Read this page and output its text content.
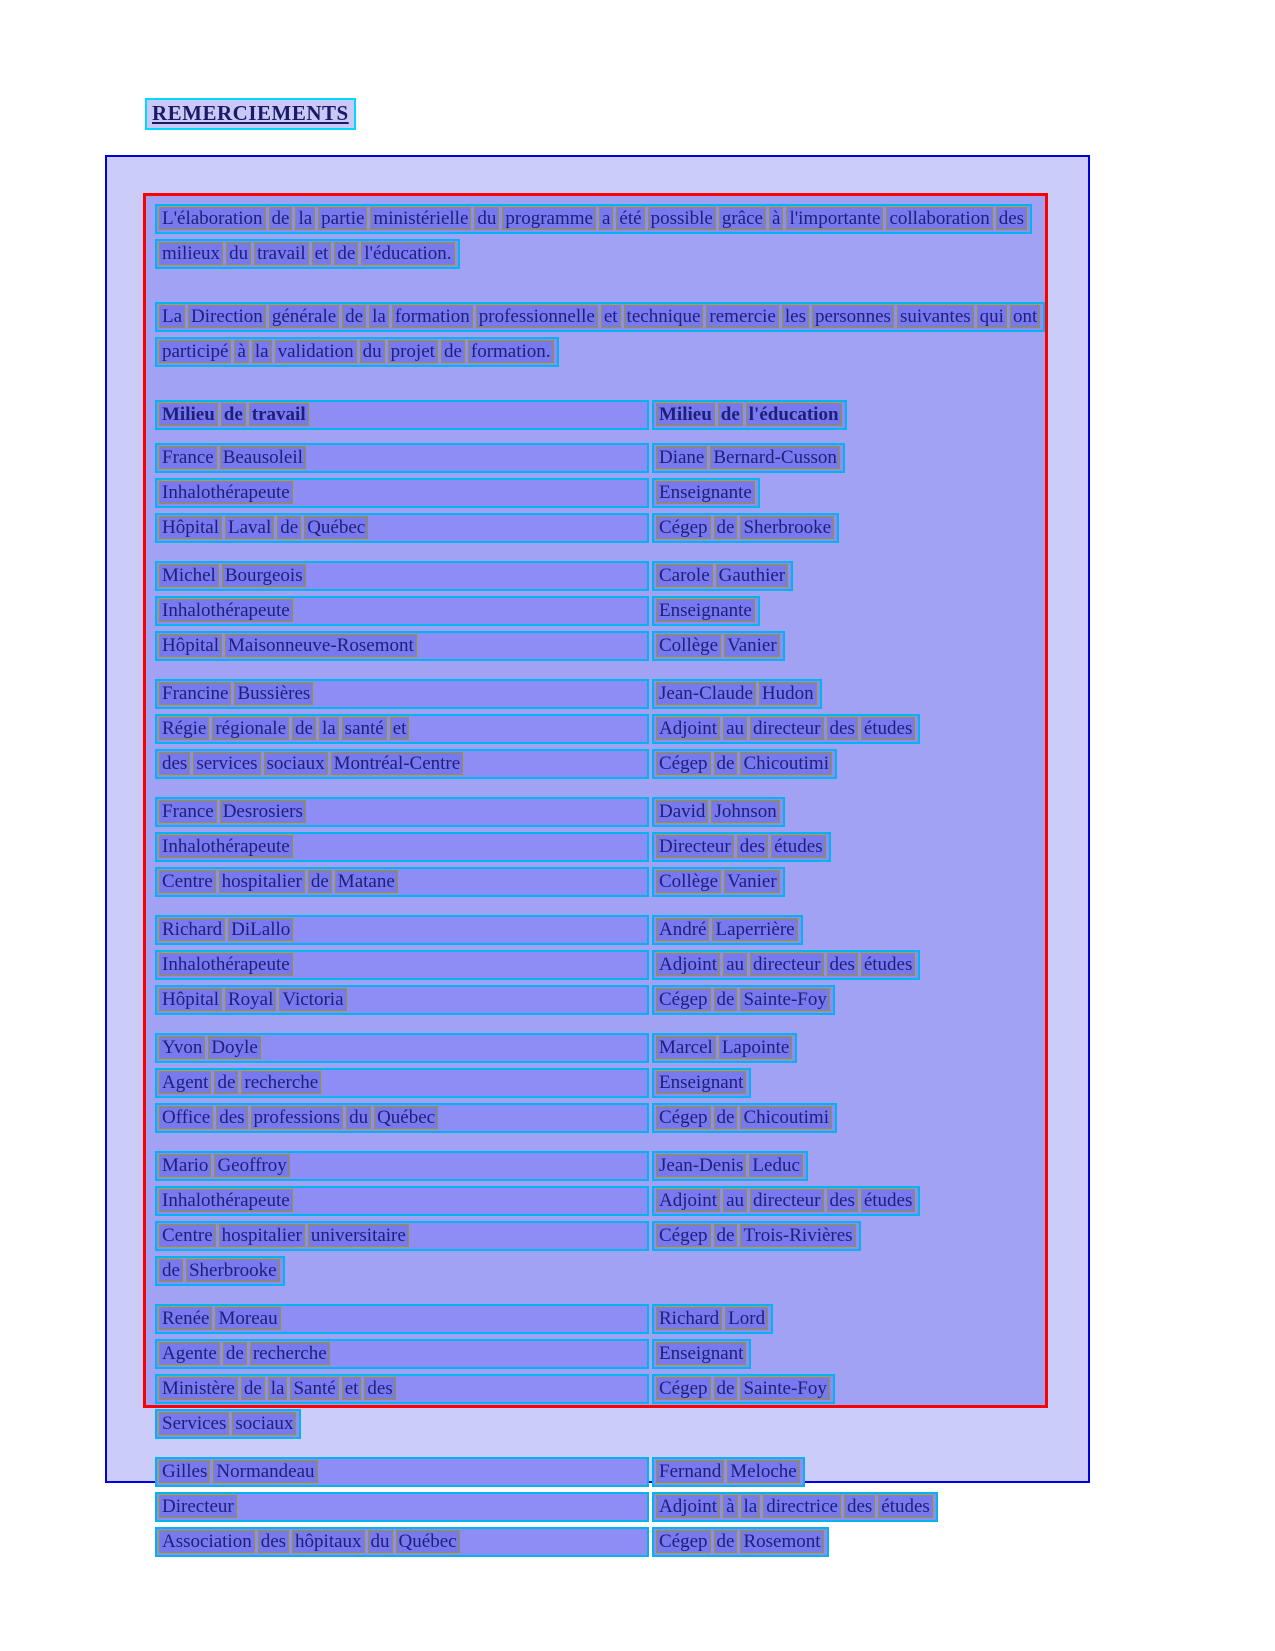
REMERCIEMENTS
L'élaboration de la partie ministérielle du programme a été possible grâce à l'importante collaboration des
milieux du travail et de l'éducation.
La Direction générale de la formation professionnelle et technique remercie les personnes suivantes qui ont
participé à la validation du projet de formation.
Milieu de travail	Milieu de l'éducation
France Beausoleil	Diane Bernard-Cusson
Inhalothérapeute	Enseignante
Hôpital Laval de Québec	Cégep de Sherbrooke
Michel Bourgeois	Carole Gauthier
Inhalothérapeute	Enseignante
Hôpital Maisonneuve-Rosemont	Collège Vanier
Francine Bussières	Jean-Claude Hudon
Régie régionale de la santé et	Adjoint au directeur des études
des services sociaux Montréal-Centre	Cégep de Chicoutimi
France Desrosiers	David Johnson
Inhalothérapeute	Directeur des études
Centre hospitalier de Matane	Collège Vanier
Richard DiLallo	André Laperrière
Inhalothérapeute	Adjoint au directeur des études
Hôpital Royal Victoria	Cégep de Sainte-Foy
Yvon Doyle	Marcel Lapointe
Agent de recherche	Enseignant
Office des professions du Québec	Cégep de Chicoutimi
Mario Geoffroy	Jean-Denis Leduc
Inhalothérapeute	Adjoint au directeur des études
Centre hospitalier universitaire	Cégep de Trois-Rivières
de Sherbrooke
Renée Moreau	Richard Lord
Agente de recherche	Enseignant
Ministère de la Santé et des	Cégep de Sainte-Foy
Services sociaux
Gilles Normandeau	Fernand Meloche
Directeur	Adjoint à la directrice des études
Association des hôpitaux du Québec	Cégep de Rosemont
